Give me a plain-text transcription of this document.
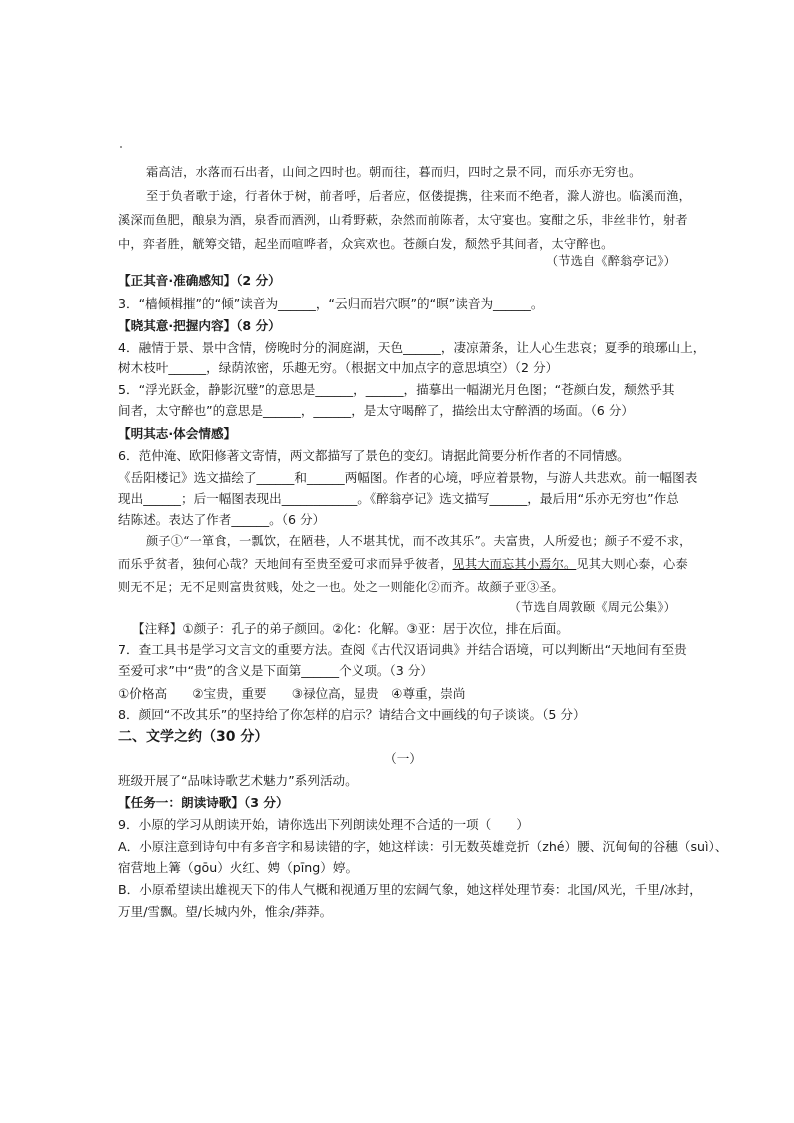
霜高洁，水落而石出者，山间之四时也。朝而往，暮而归，四时之景不同，而乐亦无穷也。
至于负者歌于途，行者休于树，前者呼，后者应，伛偻提携，往来而不绝者，滁人游也。临溪而渔，
溪深而鱼肥，酿泉为酒，泉香而酒洌，山肴野蔌，杂然而前陈者，太守宴也。宴酣之乐，非丝非竹，射者
中，弈者胜，觥筹交错，起坐而喧哗者，众宾欢也。苍颜白发，颓然乎其间者，太守醉也。
（节选自《醉翁亭记》）
【正其音·准确感知】（2 分）
3．“樯倾楫摧”的“倾”读音为______，“云归而岩穴暝”的“暝”读音为______。
【晓其意·把握内容】（8 分）
4．融情于景、景中含情，傍晚时分的洞庭湖，天色______，凄凉萧条，让人心生悲哀；夏季的琅琊山上，
树木枝叶______，绿荫浓密，乐趣无穷。（根据文中加点字的意思填空）（2 分）
5．“浮光跃金，静影沉璧”的意思是______，______，描摹出一幅湖光月色图；“苍颜白发，颓然乎其
间者，太守醉也”的意思是______，______，是太守喝醉了，描绘出太守醉酒的场面。（6 分）
【明其志·体会情感】
6．范仲淹、欧阳修著文寄情，两文都描写了景色的变幻。请据此简要分析作者的不同情感。
《岳阳楼记》选文描绘了______和______两幅图。作者的心境，呼应着景物，与游人共悲欢。前一幅图表
现出______；后一幅图表现出____________。《醉翁亭记》选文描写______，最后用“乐亦无穷也”作总
结陈述。表达了作者______。（6 分）
颜子①“一箪食，一瓢饮，在陋巷，人不堪其忧，而不改其乐”。夫富贵，人所爱也；颜子不爱不求，
而乐乎贫者，独何心哉？天地间有至贵至爱可求而异乎彼者，见其大而忘其小焉尔。见其大则心泰，心泰
则无不足；无不足则富贵贫贱，处之一也。处之一则能化②而齐。故颜子亚③圣。
（节选自周敦颐《周元公集》）
【注释】①颜子：孔子的弟子颜回。②化：化解。③亚：居于次位，排在后面。
7．查工具书是学习文言文的重要方法。查阅《古代汉语词典》并结合语境，可以判断出“天地间有至贵
至爱可求”中“贵”的含义是下面第______个义项。（3 分）
①价格高　　②宝贵，重要　　③禄位高，显贵　④尊重，崇尚
8．颜回“不改其乐”的坚持给了你怎样的启示？请结合文中画线的句子谈谈。（5 分）
二、文学之约（30 分）
（一）
班级开展了“品味诗歌艺术魅力”系列活动。
【任务一：朗读诗歌】（3 分）
9．小原的学习从朗读开始，请你选出下列朗读处理不合适的一项（　　）
A．小原注意到诗句中有多音字和易读错的字，她这样读：引无数英雄竞折（zhé）腰、沉甸甸的谷穗（suì）、
宿营地上篝（gōu）火红、娉（pīng）婷。
B．小原希望读出雄视天下的伟人气概和视通万里的宏阔气象，她这样处理节奏：北国/风光，千里/冰封，
万里/雪飘。望/长城内外，惟余/莽莽。
